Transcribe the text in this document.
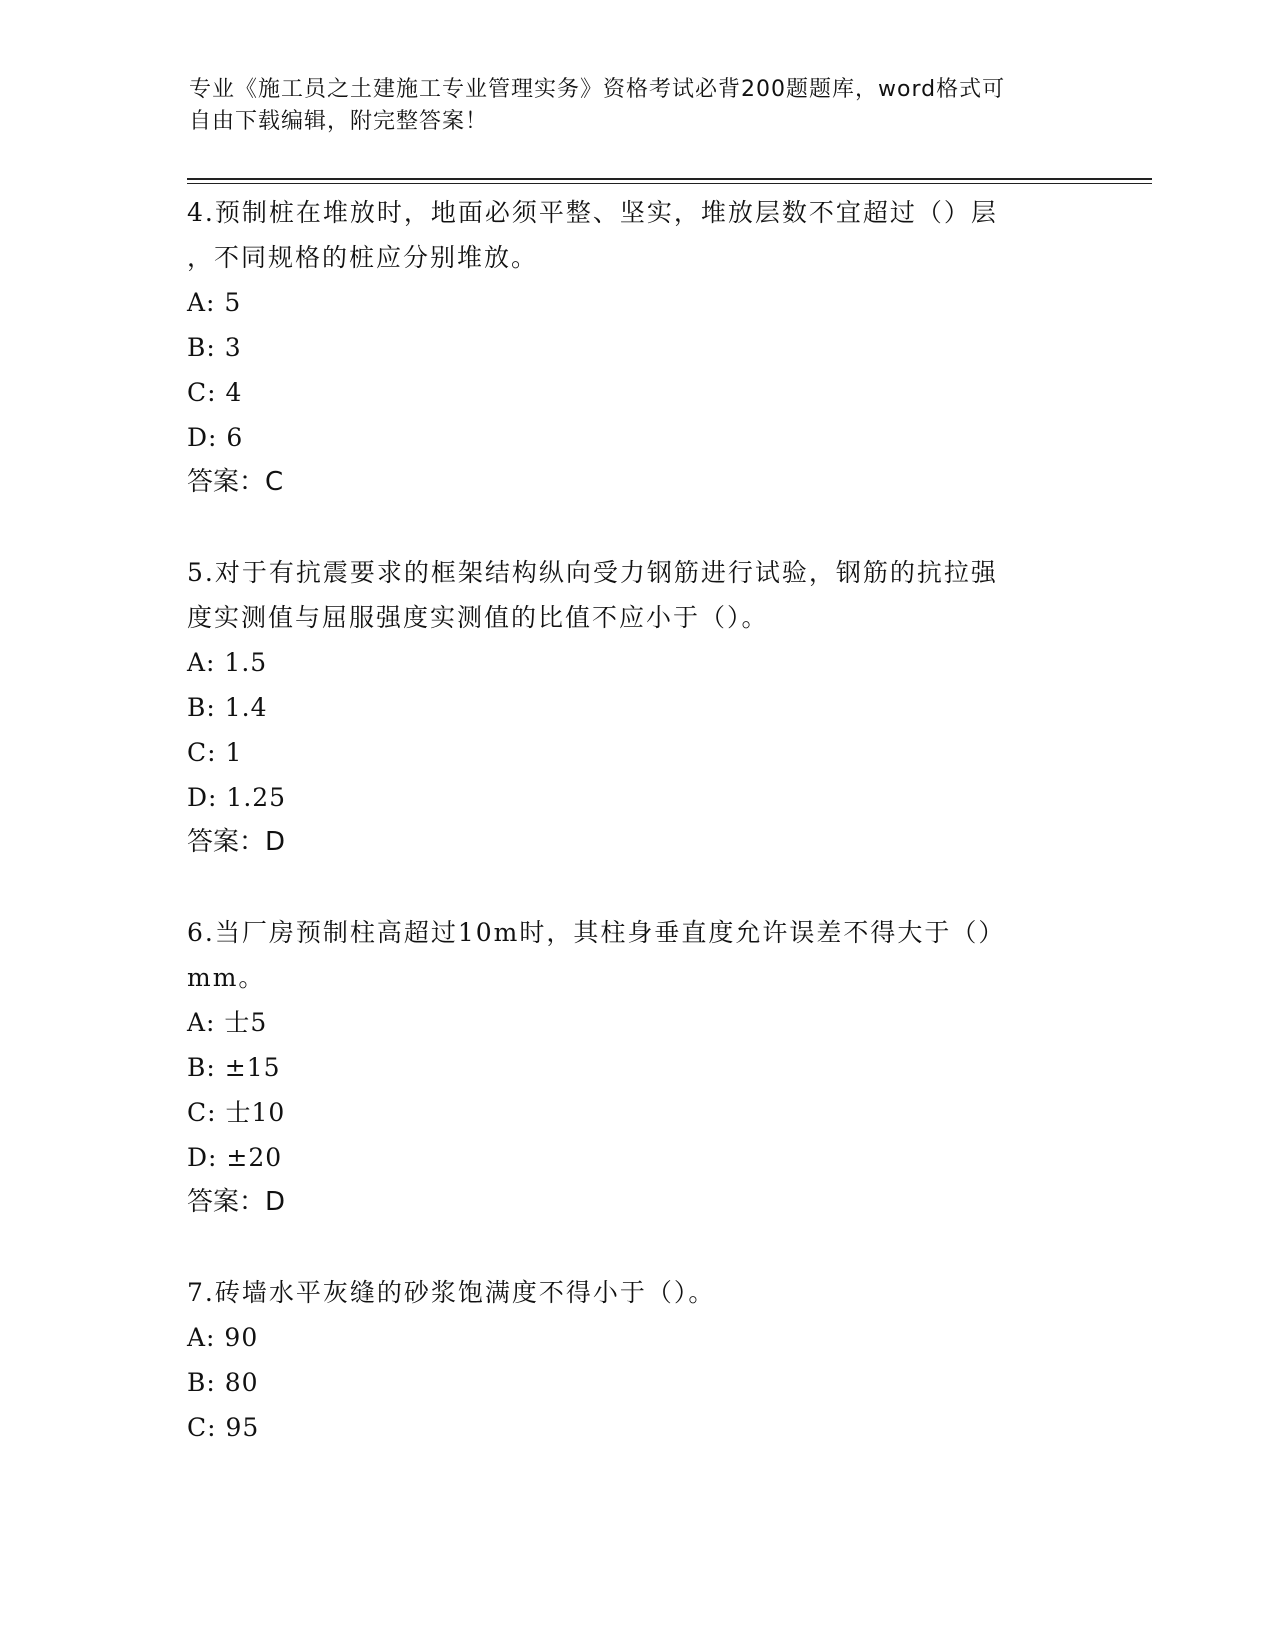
专业《施工员之土建施工专业管理实务》资格考试必背200题题库，word格式可
自由下载编辑，附完整答案！

4.预制桩在堆放时，地面必须平整、坚实，堆放层数不宜超过（）层

，不同规格的桩应分别堆放。

A: 5

B: 3

C: 4

D: 6

答案：C

5.对于有抗震要求的框架结构纵向受力钢筋进行试验，钢筋的抗拉强

度实测值与屈服强度实测值的比值不应小于（）。

A: 1.5

B: 1.4

C: 1

D: 1.25

答案：D

6.当厂房预制柱高超过10m时，其柱身垂直度允许误差不得大于（）

mm。

A: 士5

B: ±15

C: 士10

D: ±20

答案：D

7.砖墙水平灰缝的砂浆饱满度不得小于（）。

A: 90

B: 80

C: 95
